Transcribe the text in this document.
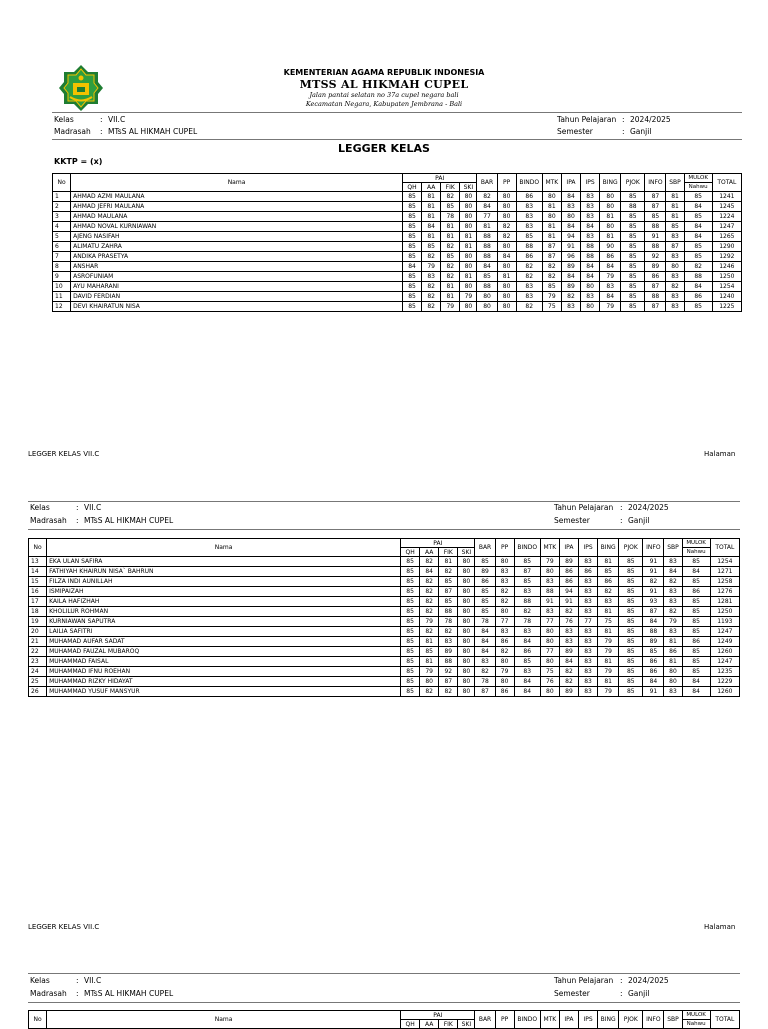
KEMENTERIAN AGAMA REPUBLIK INDONESIA
MTSS AL HIKMAH CUPEL
Jalan pantai selatan no 37a cupel negara bali
Kecamatan Negara, Kabupaten Jembrana - Bali
Kelas	: VII.C
Madrasah : MTsS AL HIKMAH CUPEL
Tahun Pelajaran : 2024/2025
Semester	: Ganjil
LEGGER KELAS
KKTP = (x)
No	Nama	PAI				BAR	PP	BINDO	MTK	IPA	IPS	BING	PJOK	INFO	SBP	MULOK	TOTAL
		QH	AA	FIK	SKI											Nahwu	
1	AHMAD AZMI MAULANA	85	81	82	80	82	80	86	80	84	83	80	85	87	81	85	1241
2	AHMAD JEFRI MAULANA	85	81	85	80	84	80	83	81	83	83	80	88	87	81	84	1245
3	AHMAD MAULANA	85	81	78	80	77	80	83	80	80	83	81	85	85	81	85	1224
4	AHMAD NOVAL KURNIAWAN	85	84	81	80	81	82	83	81	84	84	80	85	88	85	84	1247
5	AJENG NASIFAH	85	81	81	81	88	82	85	81	94	83	81	85	91	83	84	1265
6	ALIMATU ZAHRA	85	85	82	81	88	80	88	87	91	88	90	85	88	87	85	1290
7	ANDIKA PRASETYA	85	82	85	80	88	84	86	87	96	88	86	85	92	83	85	1292
8	ANSHAR	84	79	82	80	84	80	82	82	89	84	84	85	89	80	82	1246
9	ASROFUNIAM	85	83	82	81	85	81	82	82	84	84	79	85	86	83	88	1250
10	AYU MAHARANI	85	82	81	80	88	80	83	85	89	80	83	85	87	82	84	1254
11	DAVID FERDIAN	85	82	81	79	80	80	83	79	82	83	84	85	88	83	86	1240
12	DEVI KHAIRATUN NISA	85	82	79	80	80	80	82	75	83	80	79	85	87	83	85	1225
LEGGER KELAS VII.C	Halaman
Kelas	: VII.C
Madrasah : MTsS AL HIKMAH CUPEL
Tahun Pelajaran : 2024/2025
Semester	: Ganjil
No	Nama	PAI				BAR	PP	BINDO	MTK	IPA	IPS	BING	PJOK	INFO	SBP	MULOK	TOTAL
		QH	AA	FIK	SKI											Nahwu	
13	EKA ULAN SAFIRA	85	82	81	80	85	80	85	79	89	83	81	85	91	83	85	1254
14	FATHIYAH KHAIRUN NISA` BAHRUN	85	84	82	80	89	83	87	80	86	86	85	85	91	84	84	1271
15	FILZA INDI AUNILLAH	85	82	85	80	86	83	85	83	86	83	86	85	82	82	85	1258
16	ISMIPAIZAH	85	82	87	80	85	82	83	88	94	83	82	85	91	83	86	1276
17	KAILA HAFIZHAH	85	82	85	80	85	82	88	91	91	83	83	85	93	83	85	1281
18	KHOLILUR ROHMAN	85	82	88	80	85	80	82	83	82	83	81	85	87	82	85	1250
19	KURNIAWAN SAPUTRA	85	79	78	80	78	77	78	77	76	77	75	85	84	79	85	1193
20	LAILIA SAFITRI	85	82	82	80	84	83	83	80	83	83	81	85	88	83	85	1247
21	MUHAMAD AUFAR SADAT	85	81	83	80	84	86	84	80	83	83	79	85	89	81	86	1249
22	MUHAMAD FAUZAL MUBAROQ	85	85	89	80	84	82	86	77	89	83	79	85	85	86	85	1260
23	MUHAMMAD FAISAL	85	81	88	80	83	80	85	80	84	83	81	85	86	81	85	1247
24	MUHAMMAD IFNU ROEHAN	85	79	92	80	82	79	83	75	82	83	79	85	86	80	85	1235
25	MUHAMMAD RIZKY HIDAYAT	85	80	87	80	78	80	84	76	82	83	81	85	84	80	84	1229
26	MUHAMMAD YUSUF MANSYUR	85	82	82	80	87	86	84	80	89	83	79	85	91	83	84	1260
LEGGER KELAS VII.C	Halaman
Kelas	: VII.C
Madrasah : MTsS AL HIKMAH CUPEL
Tahun Pelajaran : 2024/2025
Semester	: Ganjil
No	Nama	PAI				BAR	PP	BINDO	MTK	IPA	IPS	BING	PJOK	INFO	SBP	MULOK	TOTAL
		QH	AA	FIK	SKI											Nahwu	
